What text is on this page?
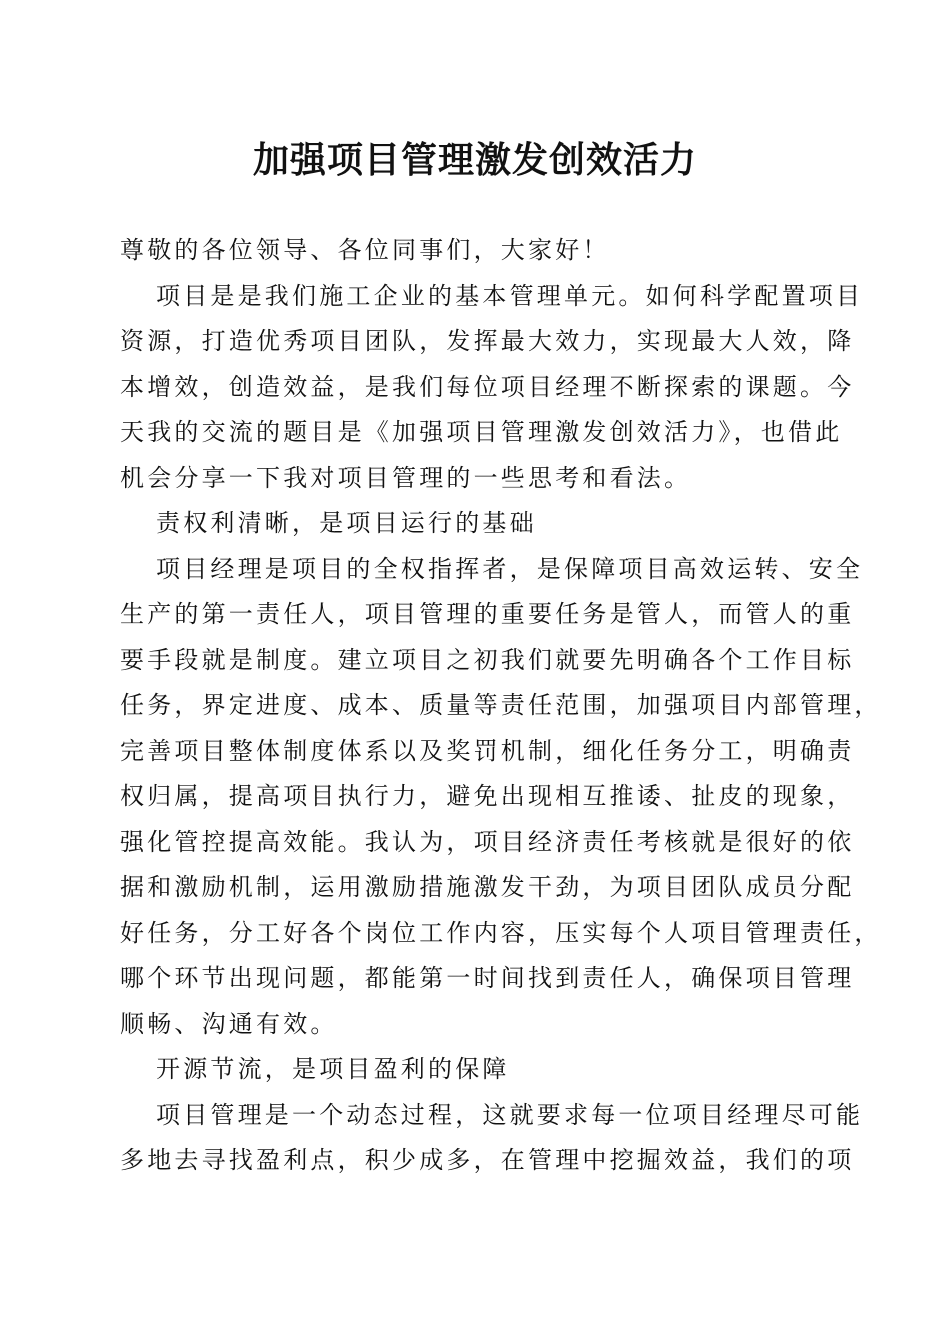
加强项目管理激发创效活力

尊敬的各位领导、各位同事们，大家好！

项目是是我们施工企业的基本管理单元。如何科学配置项目

资源，打造优秀项目团队，发挥最大效力，实现最大人效，降

本增效，创造效益，是我们每位项目经理不断探索的课题。今

天我的交流的题目是《加强项目管理激发创效活力》，也借此

机会分享一下我对项目管理的一些思考和看法。

责权利清晰，是项目运行的基础

项目经理是项目的全权指挥者，是保障项目高效运转、安全

生产的第一责任人，项目管理的重要任务是管人，而管人的重

要手段就是制度。建立项目之初我们就要先明确各个工作目标

任务，界定进度、成本、质量等责任范围，加强项目内部管理，

完善项目整体制度体系以及奖罚机制，细化任务分工，明确责

权归属，提高项目执行力，避免出现相互推诿、扯皮的现象，

强化管控提高效能。我认为，项目经济责任考核就是很好的依

据和激励机制，运用激励措施激发干劲，为项目团队成员分配

好任务，分工好各个岗位工作内容，压实每个人项目管理责任，

哪个环节出现问题，都能第一时间找到责任人，确保项目管理

顺畅、沟通有效。

开源节流，是项目盈利的保障

项目管理是一个动态过程，这就要求每一位项目经理尽可能

多地去寻找盈利点，积少成多，在管理中挖掘效益，我们的项
